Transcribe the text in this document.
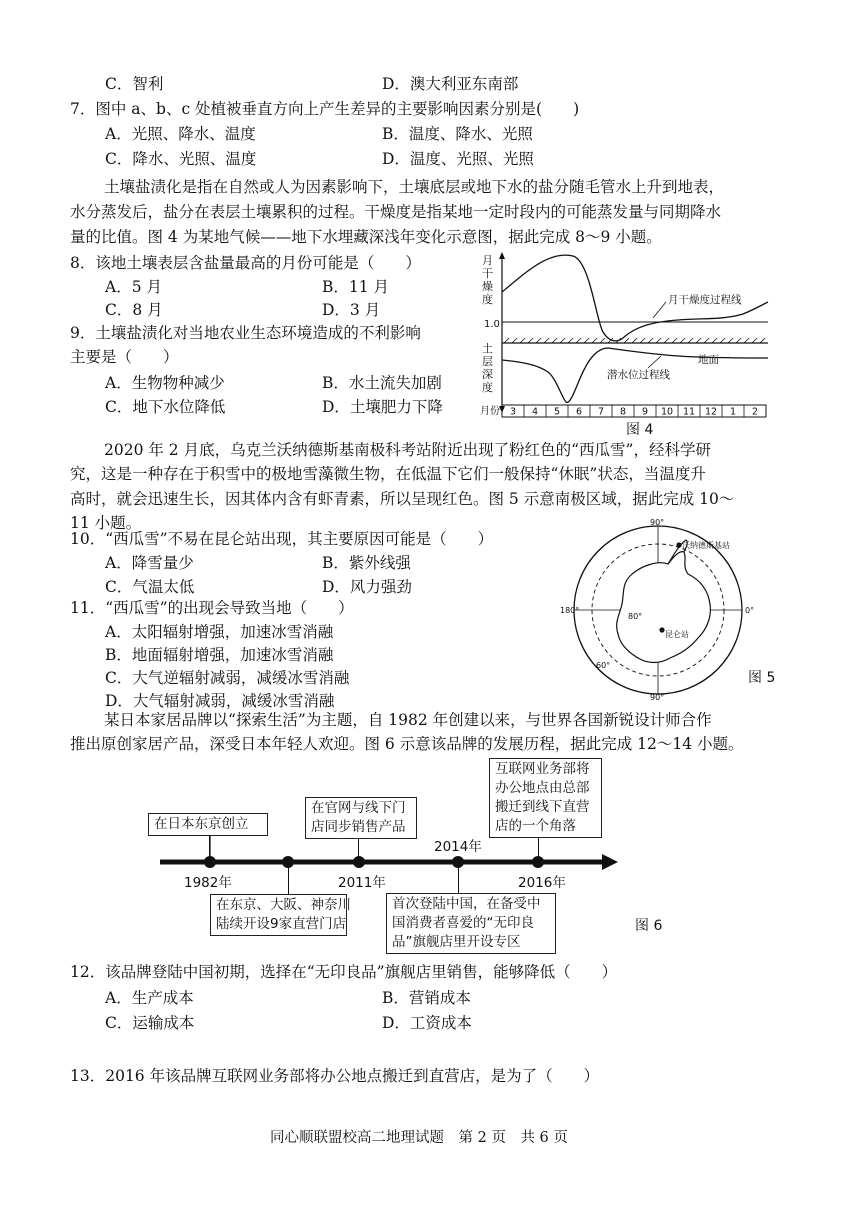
C．智利	D．澳大利亚东南部
7．图中 a、b、c 处植被垂直方向上产生差异的主要影响因素分别是(　　)
A．光照、降水、温度	B．温度、降水、光照
C．降水、光照、温度	D．温度、光照、光照
土壤盐渍化是指在自然或人为因素影响下，土壤底层或地下水的盐分随毛管水上升到地表，
水分蒸发后，盐分在表层土壤累积的过程。干燥度是指某地一定时段内的可能蒸发量与同期降水
量的比值。图 4 为某地气候——地下水埋藏深浅年变化示意图，据此完成 8～9 小题。
8．该地土壤表层含盐量最高的月份可能是（　　）
A．5 月	B．11 月
C．8 月	D．3 月
9．土壤盐渍化对当地农业生态环境造成的不利影响
主要是（　　）
A．生物物种减少	B．水土流失加剧
C．地下水位降低	D．土壤肥力下降
月
干
燥
度
1.0
月干燥度过程线
土
层
深
度
地面
潜水位过程线
月份 3 4 5 6 7 8 9 10 11 12 1 2
图 4
2020 年 2 月底，乌克兰沃纳德斯基南极科考站附近出现了粉红色的“西瓜雪”，经科学研
究，这是一种存在于积雪中的极地雪藻微生物，在低温下它们一般保持“休眠”状态，当温度升
高时，就会迅速生长，因其体内含有虾青素，所以呈现红色。图 5 示意南极区域，据此完成 10～
11 小题。
10．“西瓜雪”不易在昆仑站出现，其主要原因可能是（　　）
A．降雪量少	B．紫外线强
C．气温太低	D．风力强劲
11．“西瓜雪”的出现会导致当地（　　）
A．太阳辐射增强，加速冰雪消融
B．地面辐射增强，加速冰雪消融
C．大气逆辐射减弱，减缓冰雪消融
D．大气辐射减弱，减缓冰雪消融
90°
90°
180°	0°
60°
80°
沃纳德斯基站
昆仑站
图 5
某日本家居品牌以“探索生活”为主题，自 1982 年创建以来，与世界各国新锐设计师合作
推出原创家居产品，深受日本年轻人欢迎。图 6 示意该品牌的发展历程，据此完成 12～14 小题。
1982年	2011年
2014年
2016年
在日本东京创立
在官网与线下门
店同步销售产品
互联网业务部将
办公地点由总部
搬迁到线下直营
店的一个角落
在东京、大阪、神奈川
陆续开设9家直营门店
首次登陆中国，在备受中
国消费者喜爱的“无印良
品”旗舰店里开设专区
图 6
12．该品牌登陆中国初期，选择在“无印良品”旗舰店里销售，能够降低（　　）
A．生产成本	B．营销成本
C．运输成本	D．工资成本
13．2016 年该品牌互联网业务部将办公地点搬迁到直营店，是为了（　　）
同心顺联盟校高二地理试题　第 2 页　共 6 页
